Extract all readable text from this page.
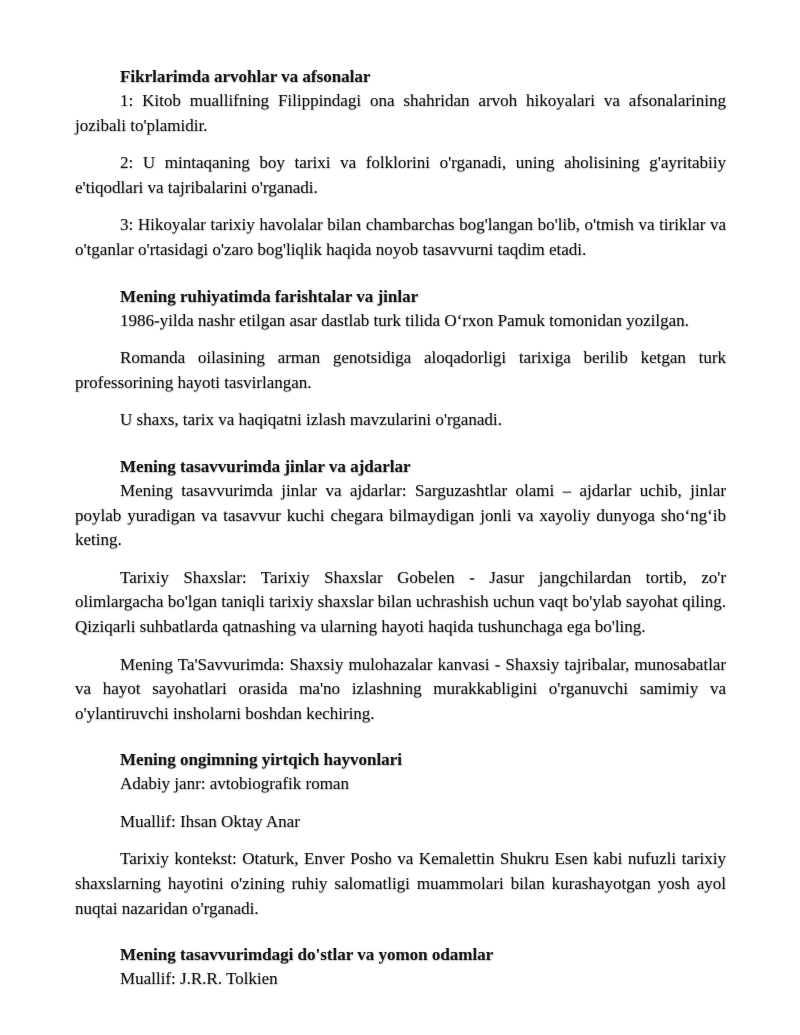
Fikrlarimda arvohlar va afsonalar

1: Kitob muallifning Filippindagi ona shahridan arvoh hikoyalari va afsonalarining jozibali to'plamidir.

2: U mintaqaning boy tarixi va folklorini o'rganadi, uning aholisining g'ayritabiiy e'tiqodlari va tajribalarini o'rganadi.

3: Hikoyalar tarixiy havolalar bilan chambarchas bog'langan bo'lib, o'tmish va tiriklar va o'tganlar o'rtasidagi o'zaro bog'liqlik haqida noyob tasavvurni taqdim etadi.

Mening ruhiyatimda farishtalar va jinlar

1986-yilda nashr etilgan asar dastlab turk tilida O‘rxon Pamuk tomonidan yozilgan.

Romanda oilasining arman genotsidiga aloqadorligi tarixiga berilib ketgan turk professorining hayoti tasvirlangan.

U shaxs, tarix va haqiqatni izlash mavzularini o'rganadi.

Mening tasavvurimda jinlar va ajdarlar

Mening tasavvurimda jinlar va ajdarlar: Sarguzashtlar olami – ajdarlar uchib, jinlar poylab yuradigan va tasavvur kuchi chegara bilmaydigan jonli va xayoliy dunyoga sho‘ng‘ib keting.

Tarixiy Shaxslar: Tarixiy Shaxslar Gobelen - Jasur jangchilardan tortib, zo'r olimlargacha bo'lgan taniqli tarixiy shaxslar bilan uchrashish uchun vaqt bo'ylab sayohat qiling. Qiziqarli suhbatlarda qatnashing va ularning hayoti haqida tushunchaga ega bo'ling.

Mening Ta'Savvurimda: Shaxsiy mulohazalar kanvasi - Shaxsiy tajribalar, munosabatlar va hayot sayohatlari orasida ma'no izlashning murakkabligini o'rganuvchi samimiy va o'ylantiruvchi insholarni boshdan kechiring.

Mening ongimning yirtqich hayvonlari

Adabiy janr: avtobiografik roman

Muallif: Ihsan Oktay Anar

Tarixiy kontekst: Otaturk, Enver Posho va Kemalettin Shukru Esen kabi nufuzli tarixiy shaxslarning hayotini o'zining ruhiy salomatligi muammolari bilan kurashayotgan yosh ayol nuqtai nazaridan o'rganadi.

Mening tasavvurimdagi do'stlar va yomon odamlar

Muallif: J.R.R. Tolkien
